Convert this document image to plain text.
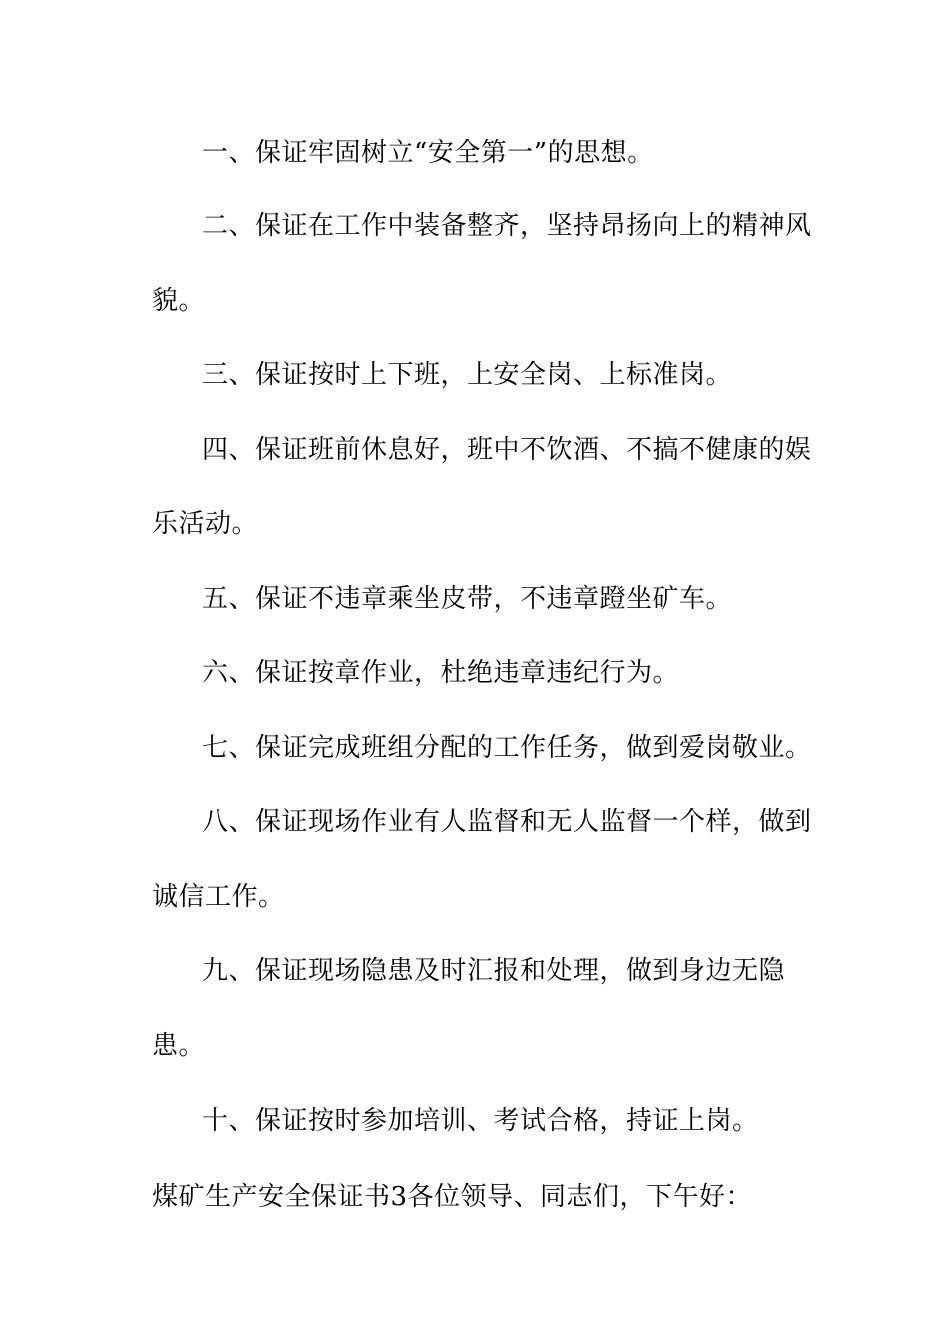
一、保证牢固树立“安全第一”的思想。
二、保证在工作中装备整齐，坚持昂扬向上的精神风
貌。
三、保证按时上下班，上安全岗、上标准岗。
四、保证班前休息好，班中不饮酒、不搞不健康的娱
乐活动。
五、保证不违章乘坐皮带，不违章蹬坐矿车。
六、保证按章作业，杜绝违章违纪行为。
七、保证完成班组分配的工作任务，做到爱岗敬业。
八、保证现场作业有人监督和无人监督一个样，做到
诚信工作。
九、保证现场隐患及时汇报和处理，做到身边无隐
患。
十、保证按时参加培训、考试合格，持证上岗。
煤矿生产安全保证书3各位领导、同志们，下午好：
